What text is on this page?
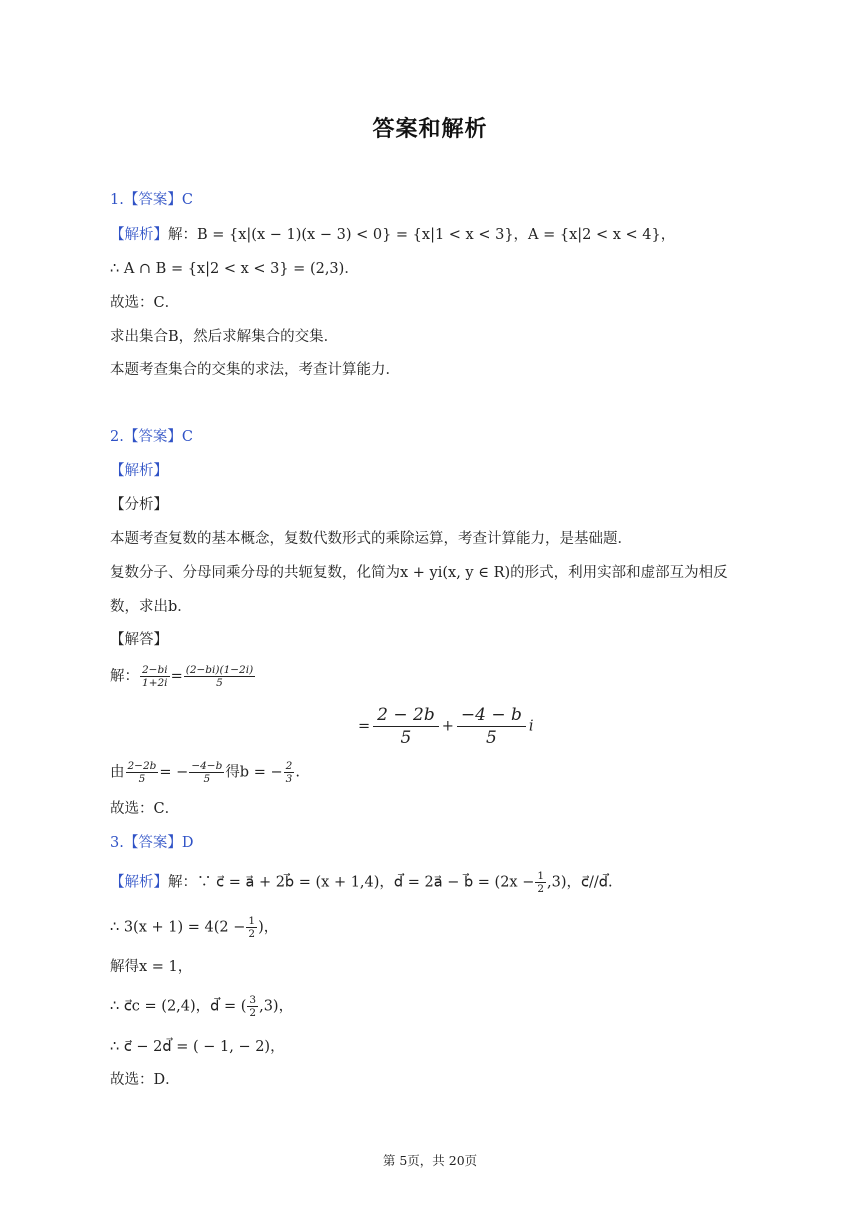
答案和解析
1.【答案】C
【解析】解：B = {x|(x − 1)(x − 3) < 0} = {x|1 < x < 3}，A = {x|2 < x < 4}，
∴ A ∩ B = {x|2 < x < 3} = (2,3)．
故选：C．
求出集合B，然后求解集合的交集．
本题考查集合的交集的求法，考查计算能力．
2.【答案】C
【解析】
【分析】
本题考查复数的基本概念，复数代数形式的乘除运算，考查计算能力，是基础题．
复数分子、分母同乘分母的共轭复数，化简为x + yi(x, y ∈ R)的形式，利用实部和虚部互为相反
数，求出b．
【解答】
解： $\frac{2-bi}{1+2i} = \frac{(2-bi)(1-2i)}{5}$
= $\frac{2 - 2b}{5} + \frac{-4 - b}{5}$ i
由 $\frac{2-2b}{5}$ = − $\frac{-4-b}{5}$ 得b = − $\frac{2}{3}$ .
故选：C．
3.【答案】D
【解析】解：∵ c⃗ = a⃗ + 2b⃗ = (x + 1,4)，d⃗ = 2a⃗ − b⃗ = $(2x - \frac{1}{2} ,3)$，c⃗//d⃗.
∴ $3(x + 1) = 4(2 - \frac{1}{2}$ )，
解得x = 1，
∴ c⃗c = (2,4)，d⃗ = ( $\frac{3}{2} ,3$)，
∴ c⃗ − 2d⃗ = ( − 1, − 2)，
故选：D．
第 5页，共 20页
